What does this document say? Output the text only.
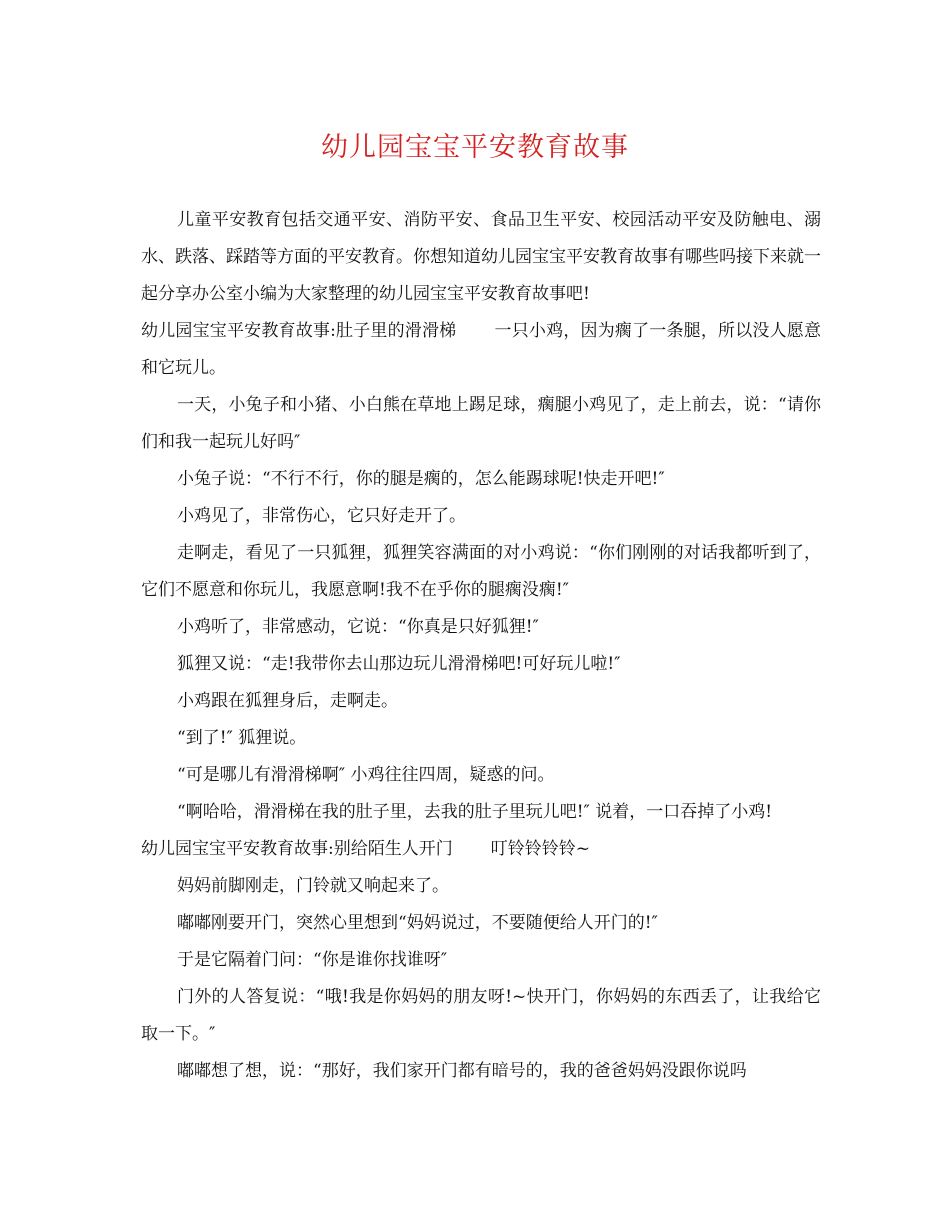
幼儿园宝宝平安教育故事

儿童平安教育包括交通平安、消防平安、食品卫生平安、校园活动平安及防触电、溺水、跌落、踩踏等方面的平安教育。你想知道幼儿园宝宝平安教育故事有哪些吗接下来就一起分享办公室小编为大家整理的幼儿园宝宝平安教育故事吧!

幼儿园宝宝平安教育故事:肚子里的滑滑梯 一只小鸡，因为瘸了一条腿，所以没人愿意和它玩儿。

一天，小兔子和小猪、小白熊在草地上踢足球，瘸腿小鸡见了，走上前去，说：“请你们和我一起玩儿好吗″

小兔子说：“不行不行，你的腿是瘸的，怎么能踢球呢!快走开吧!″

小鸡见了，非常伤心，它只好走开了。

走啊走，看见了一只狐狸，狐狸笑容满面的对小鸡说：“你们刚刚的对话我都听到了，它们不愿意和你玩儿，我愿意啊!我不在乎你的腿瘸没瘸!″

小鸡听了，非常感动，它说：“你真是只好狐狸!″

狐狸又说：“走!我带你去山那边玩儿滑滑梯吧!可好玩儿啦!″

小鸡跟在狐狸身后，走啊走。

“到了!″ 狐狸说。

“可是哪儿有滑滑梯啊″ 小鸡往往四周，疑惑的问。

“啊哈哈，滑滑梯在我的肚子里，去我的肚子里玩儿吧!″ 说着，一口吞掉了小鸡!

幼儿园宝宝平安教育故事:别给陌生人开门 叮铃铃铃铃~

妈妈前脚刚走，门铃就又响起来了。

嘟嘟刚要开门，突然心里想到“妈妈说过，不要随便给人开门的!″

于是它隔着门问：“你是谁你找谁呀″

门外的人答复说：“哦!我是你妈妈的朋友呀!~快开门，你妈妈的东西丢了，让我给它取一下。″

嘟嘟想了想，说：“那好，我们家开门都有暗号的，我的爸爸妈妈没跟你说吗
